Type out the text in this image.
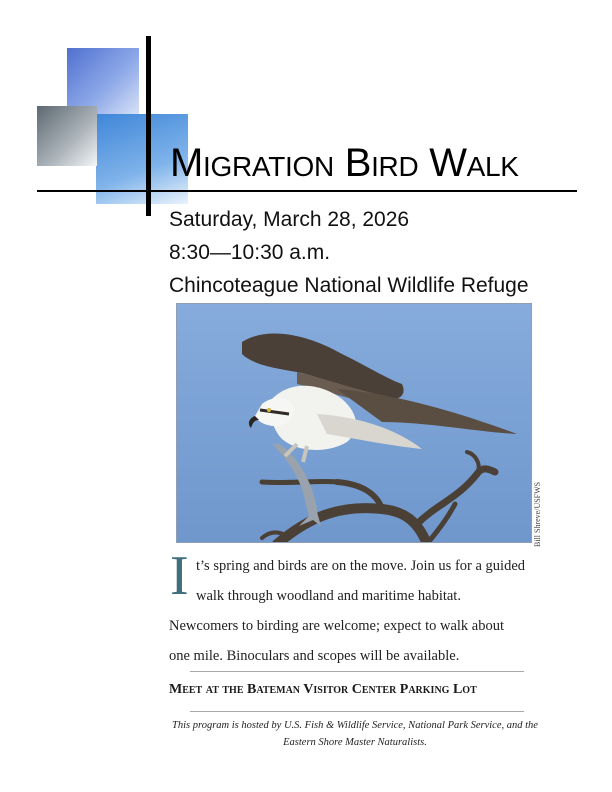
Migration Bird Walk
Saturday, March 28, 2026
8:30—10:30 a.m.
Chincoteague National Wildlife Refuge
Bill Shreve/USFWS
I t’s spring and birds are on the move. Join us for a guided
walk through woodland and maritime habitat.
Newcomers to birding are welcome; expect to walk about
one mile. Binoculars and scopes will be available.
Meet at the Bateman Visitor Center Parking Lot
This program is hosted by U.S. Fish & Wildlife Service, National Park Service, and the Eastern Shore Master Naturalists.
